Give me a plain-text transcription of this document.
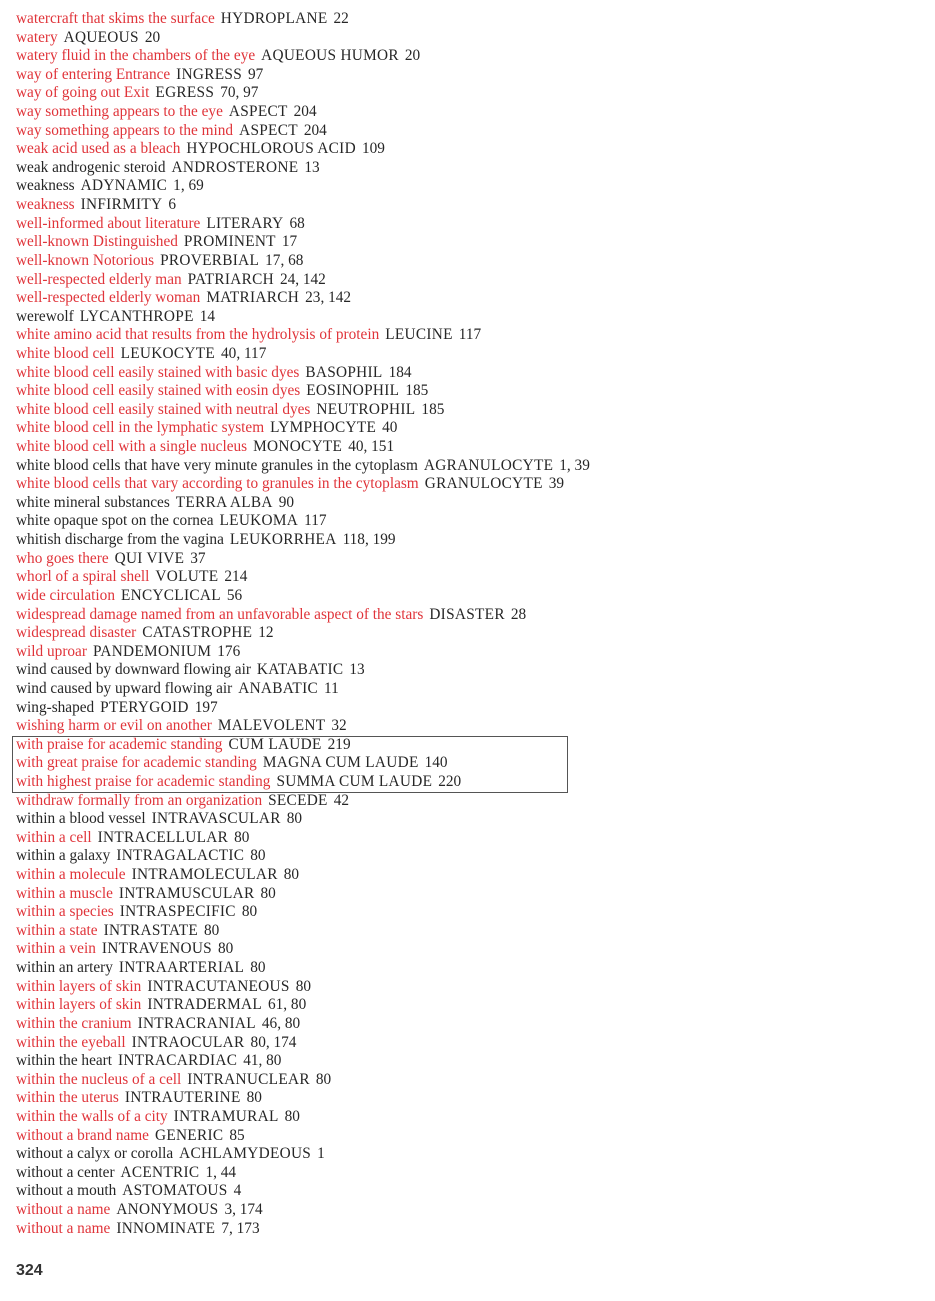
watercraft that skims the surface HYDROPLANE 22
watery AQUEOUS 20
watery fluid in the chambers of the eye AQUEOUS HUMOR 20
way of entering Entrance INGRESS 97
way of going out Exit EGRESS 70, 97
way something appears to the eye ASPECT 204
way something appears to the mind ASPECT 204
weak acid used as a bleach HYPOCHLOROUS ACID 109
weak androgenic steroid ANDROSTERONE 13
weakness ADYNAMIC 1, 69
weakness INFIRMITY 6
well-informed about literature LITERARY 68
well-known Distinguished PROMINENT 17
well-known Notorious PROVERBIAL 17, 68
well-respected elderly man PATRIARCH 24, 142
well-respected elderly woman MATRIARCH 23, 142
werewolf LYCANTHROPE 14
white amino acid that results from the hydrolysis of protein LEUCINE 117
white blood cell LEUKOCYTE 40, 117
white blood cell easily stained with basic dyes BASOPHIL 184
white blood cell easily stained with eosin dyes EOSINOPHIL 185
white blood cell easily stained with neutral dyes NEUTROPHIL 185
white blood cell in the lymphatic system LYMPHOCYTE 40
white blood cell with a single nucleus MONOCYTE 40, 151
white blood cells that have very minute granules in the cytoplasm AGRANULOCYTE 1, 39
white blood cells that vary according to granules in the cytoplasm GRANULOCYTE 39
white mineral substances TERRA ALBA 90
white opaque spot on the cornea LEUKOMA 117
whitish discharge from the vagina LEUKORRHEA 118, 199
who goes there QUI VIVE 37
whorl of a spiral shell VOLUTE 214
wide circulation ENCYCLICAL 56
widespread damage named from an unfavorable aspect of the stars DISASTER 28
widespread disaster CATASTROPHE 12
wild uproar PANDEMONIUM 176
wind caused by downward flowing air KATABATIC 13
wind caused by upward flowing air ANABATIC 11
wing-shaped PTERYGOID 197
wishing harm or evil on another MALEVOLENT 32
with praise for academic standing CUM LAUDE 219
with great praise for academic standing MAGNA CUM LAUDE 140
with highest praise for academic standing SUMMA CUM LAUDE 220
withdraw formally from an organization SECEDE 42
within a blood vessel INTRAVASCULAR 80
within a cell INTRACELLULAR 80
within a galaxy INTRAGALACTIC 80
within a molecule INTRAMOLECULAR 80
within a muscle INTRAMUSCULAR 80
within a species INTRASPECIFIC 80
within a state INTRASTATE 80
within a vein INTRAVENOUS 80
within an artery INTRAARTERIAL 80
within layers of skin INTRACUTANEOUS 80
within layers of skin INTRADERMAL 61, 80
within the cranium INTRACRANIAL 46, 80
within the eyeball INTRAOCULAR 80, 174
within the heart INTRACARDIAC 41, 80
within the nucleus of a cell INTRANUCLEAR 80
within the uterus INTRAUTERINE 80
within the walls of a city INTRAMURAL 80
without a brand name GENERIC 85
without a calyx or corolla ACHLAMYDEOUS 1
without a center ACENTRIC 1, 44
without a mouth ASTOMATOUS 4
without a name ANONYMOUS 3, 174
without a name INNOMINATE 7, 173
324
